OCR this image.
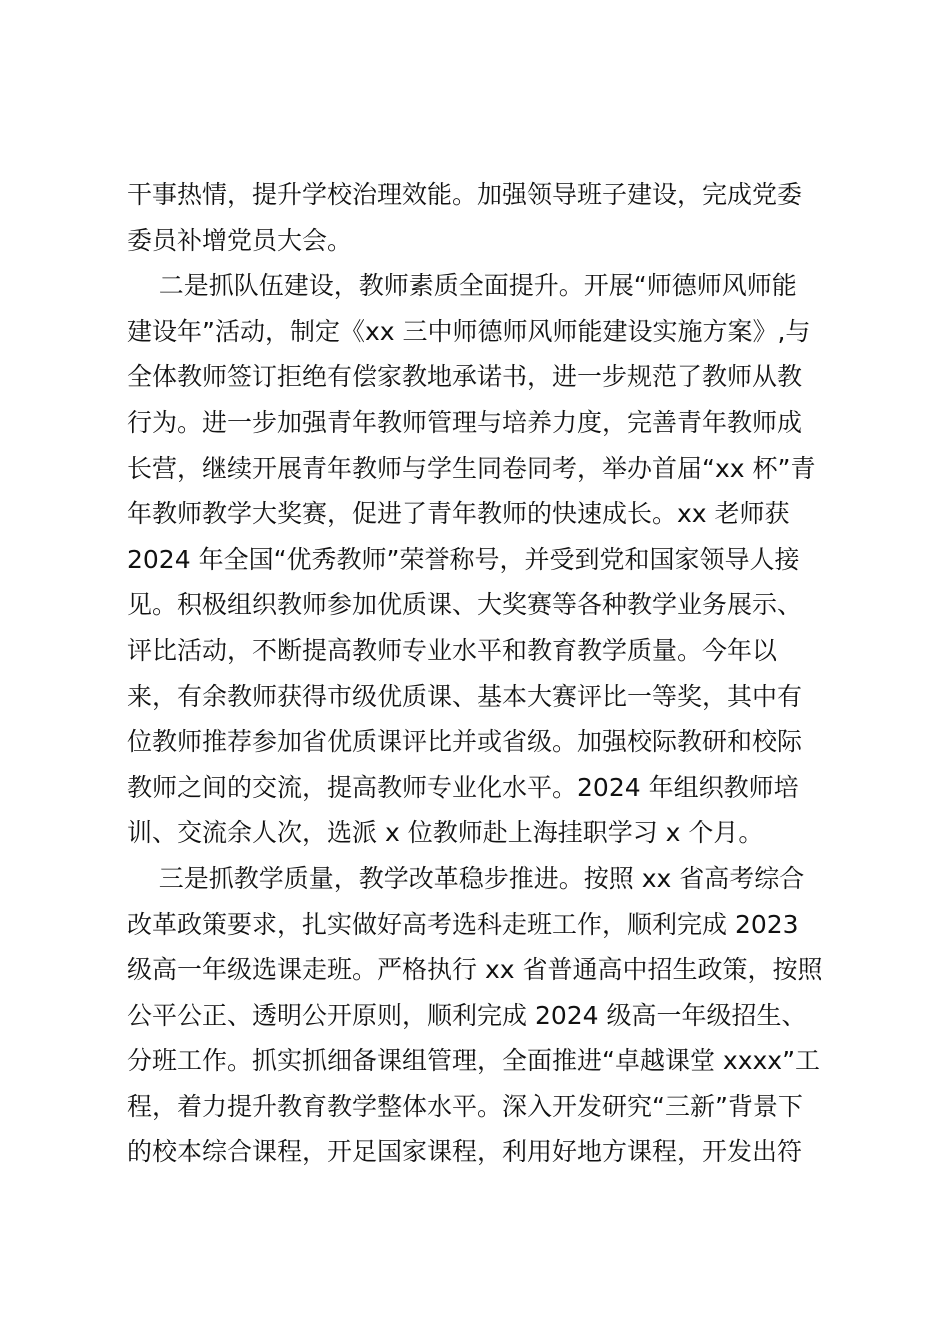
干事热情，提升学校治理效能。加强领导班子建设，完成党委
委员补增党员大会。
二是抓队伍建设，教师素质全面提升。开展“师德师风师能
建设年”活动，制定《xx 三中师德师风师能建设实施方案》,与
全体教师签订拒绝有偿家教地承诺书，进一步规范了教师从教
行为。进一步加强青年教师管理与培养力度，完善青年教师成
长营，继续开展青年教师与学生同卷同考，举办首届“xx 杯”青
年教师教学大奖赛，促进了青年教师的快速成长。xx 老师获
2024 年全国“优秀教师”荣誉称号，并受到党和国家领导人接
见。积极组织教师参加优质课、大奖赛等各种教学业务展示、
评比活动，不断提高教师专业水平和教育教学质量。今年以
来，有余教师获得市级优质课、基本大赛评比一等奖，其中有
位教师推荐参加省优质课评比并或省级。加强校际教研和校际
教师之间的交流，提高教师专业化水平。2024 年组织教师培
训、交流余人次，选派 x 位教师赴上海挂职学习 x 个月。
三是抓教学质量，教学改革稳步推进。按照 xx 省高考综合
改革政策要求，扎实做好高考选科走班工作，顺利完成 2023
级高一年级选课走班。严格执行 xx 省普通高中招生政策，按照
公平公正、透明公开原则，顺利完成 2024 级高一年级招生、
分班工作。抓实抓细备课组管理，全面推进“卓越课堂 xxxx”工
程，着力提升教育教学整体水平。深入开发研究“三新”背景下
的校本综合课程，开足国家课程，利用好地方课程，开发出符
